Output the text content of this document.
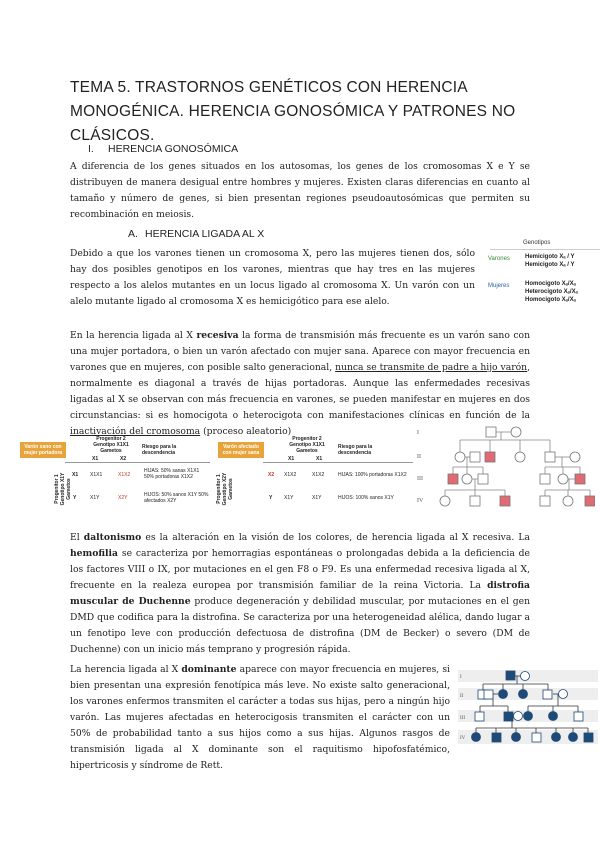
TEMA 5. TRASTORNOS GENÉTICOS CON HERENCIA MONOGÉNICA. HERENCIA GONOSÓMICA Y PATRONES NO CLÁSICOS.
I. HERENCIA GONOSÓMICA
A diferencia de los genes situados en los autosomas, los genes de los cromosomas X e Y se distribuyen de manera desigual entre hombres y mujeres. Existen claras diferencias en cuanto al tamaño y número de genes, si bien presentan regiones pseudoautosómicas que permiten su recombinación en meiosis.
A. HERENCIA LIGADA AL X
Debido a que los varones tienen un cromosoma X, pero las mujeres tienen dos, sólo hay dos posibles genotipos en los varones, mientras que hay tres en las mujeres respecto a los alelos mutantes en un locus ligado al cromosoma X. Un varón con un alelo mutante ligado al cromosoma X es hemicigótico para ese alelo.
Genotipos
Varones	Hemicigoto Xₐ / Y
Hemicigoto Xₐ / Y
Mujeres	Homocigoto Xₐ/Xₐ
Heterocigoto Xₐ/Xₐ
Homocigoto Xₐ/Xₐ
En la herencia ligada al X recesiva la forma de transmisión más frecuente es un varón sano con una mujer portadora, o bien un varón afectado con mujer sana. Aparece con mayor frecuencia en varones que en mujeres, con posible salto generacional, nunca se transmite de padre a hijo varón, normalmente es diagonal a través de hijas portadoras. Aunque las enfermedades recesivas ligadas al X se observan con más frecuencia en varones, se pueden manifestar en mujeres en dos circunstancias: si es homocigota o heterocigota con manifestaciones clínicas en función de la inactivación del cromosoma (proceso aleatorio)
Varón sano con mujer portadora
Progenitor 2 Genotipo X1X1 Gametos
Riesgo para la descendencia
X1	X2
Progenitor 1 Genotipo X1Y Gametos
X1 X1X1	X1X2
HIJAS: 50% sanas X1X1 50% portadoras X1X2
Y	X1Y	X2Y	HIJOS: 50% sanos X1Y 50% afectados X2Y
Varón afectado con mujer sana
Progenitor 2 Genotipo X1X1 Gametos
Riesgo para la descendencia
X1	X1
Progenitor 1 Genotipo X2Y Gametos
X2 X1X2	X1X2	HIJAS: 100% portadoras X1X2
Y X1Y	X1Y	HIJOS: 100% sanos X1Y
I
II
III
IV
El daltonismo es la alteración en la visión de los colores, de herencia ligada al X recesiva. La hemofilia se caracteriza por hemorragias espontáneas o prolongadas debida a la deficiencia de los factores VIII o IX, por mutaciones en el gen F8 o F9. Es una enfermedad recesiva ligada al X, frecuente en la realeza europea por transmisión familiar de la reina Victoria. La distrofia muscular de Duchenne produce degeneración y debilidad muscular, por mutaciones en el gen DMD que codifica para la distrofina. Se caracteriza por una heterogeneidad alélica, dando lugar a un fenotipo leve con producción defectuosa de distrofina (DM de Becker) o severo (DM de Duchenne) con un inicio más temprano y progresión rápida.
La herencia ligada al X dominante aparece con mayor frecuencia en mujeres, si bien presentan una expresión fenotípica más leve. No existe salto generacional, los varones enfermos transmiten el carácter a todas sus hijas, pero a ningún hijo varón. Las mujeres afectadas en heterocigosis transmiten el carácter con un 50% de probabilidad tanto a sus hijos como a sus hijas. Algunos rasgos de transmisión ligada al X dominante son el raquitismo hipofosfatémico, hipertricosis y síndrome de Rett.
I
II
III
IV
